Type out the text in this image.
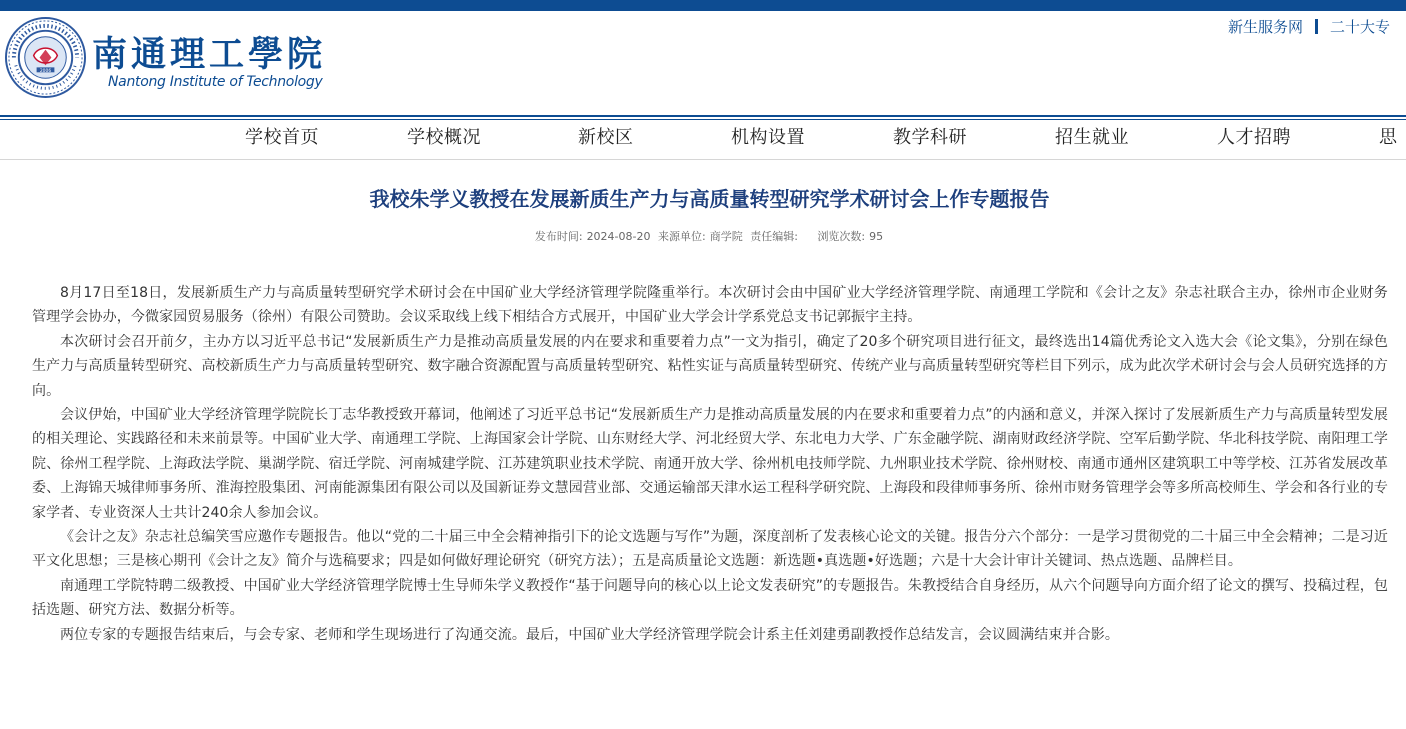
2006 南通理工學院
Nantong Institute of Technology
新生服务网 二十大专
学校首页	学校概况	新校区	机构设置	教学科研	招生就业	人才招聘	思
我校朱学义教授在发展新质生产力与高质量转型研究学术研讨会上作专题报告
发布时间: 2024-08-20 来源单位: 商学院 责任编辑: 浏览次数: 95

8月17日至18日，发展新质生产力与高质量转型研究学术研讨会在中国矿业大学经济管理学院隆重举行。本次研讨会由中国矿业大学经济管理学院、南通理工学院和《会计之友》杂志社联合主办，徐州市企业财务管理学会协办，今微家园贸易服务（徐州）有限公司赞助。会议采取线上线下相结合方式展开，中国矿业大学会计学系党总支书记郭振宇主持。

本次研讨会召开前夕，主办方以习近平总书记“发展新质生产力是推动高质量发展的内在要求和重要着力点”一文为指引，确定了20多个研究项目进行征文，最终选出14篇优秀论文入选大会《论文集》，分别在绿色生产力与高质量转型研究、高校新质生产力与高质量转型研究、数字融合资源配置与高质量转型研究、粘性实证与高质量转型研究、传统产业与高质量转型研究等栏目下列示，成为此次学术研讨会与会人员研究选择的方向。

会议伊始，中国矿业大学经济管理学院院长丁志华教授致开幕词，他阐述了习近平总书记“发展新质生产力是推动高质量发展的内在要求和重要着力点”的内涵和意义，并深入探讨了发展新质生产力与高质量转型发展的相关理论、实践路径和未来前景等。中国矿业大学、南通理工学院、上海国家会计学院、山东财经大学、河北经贸大学、东北电力大学、广东金融学院、湖南财政经济学院、空军后勤学院、华北科技学院、南阳理工学院、徐州工程学院、上海政法学院、巢湖学院、宿迁学院、河南城建学院、江苏建筑职业技术学院、南通开放大学、徐州机电技师学院、九州职业技术学院、徐州财校、南通市通州区建筑职工中等学校、江苏省发展改革委、上海锦天城律师事务所、淮海控股集团、河南能源集团有限公司以及国新证券文慧园营业部、交通运输部天津水运工程科学研究院、上海段和段律师事务所、徐州市财务管理学会等多所高校师生、学会和各行业的专家学者、专业资深人士共计240余人参加会议。

《会计之友》杂志社总编笑雪应邀作专题报告。他以“党的二十届三中全会精神指引下的论文选题与写作”为题，深度剖析了发表核心论文的关键。报告分六个部分：一是学习贯彻党的二十届三中全会精神；二是习近平文化思想；三是核心期刊《会计之友》简介与选稿要求；四是如何做好理论研究（研究方法）；五是高质量论文选题：新选题•真选题•好选题；六是十大会计审计关键词、热点选题、品牌栏目。

南通理工学院特聘二级教授、中国矿业大学经济管理学院博士生导师朱学义教授作“基于问题导向的核心以上论文发表研究”的专题报告。朱教授结合自身经历，从六个问题导向方面介绍了论文的撰写、投稿过程，包括选题、研究方法、数据分析等。

两位专家的专题报告结束后，与会专家、老师和学生现场进行了沟通交流。最后，中国矿业大学经济管理学院会计系主任刘建勇副教授作总结发言，会议圆满结束并合影。
